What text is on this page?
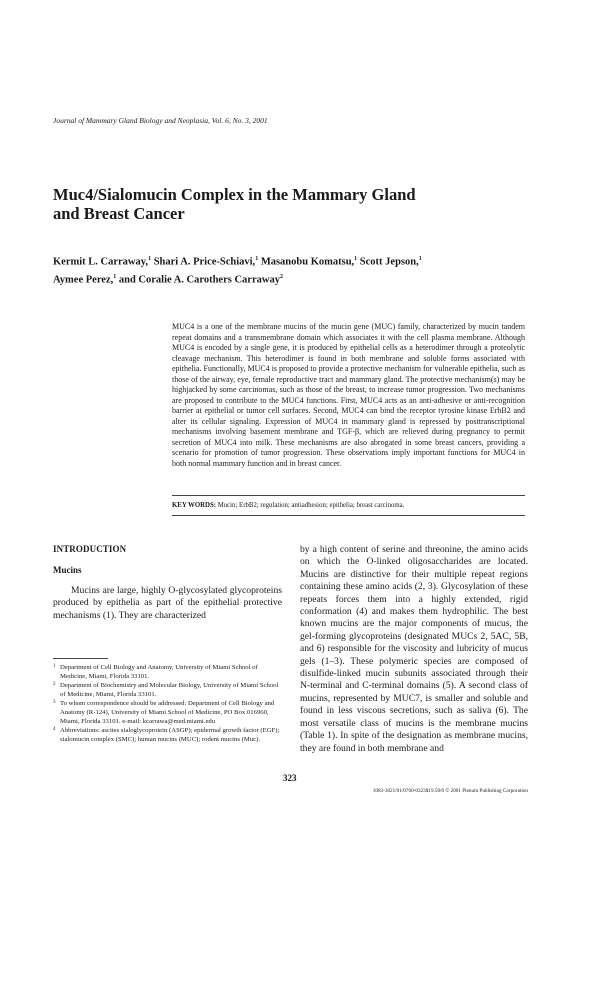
Journal of Mammary Gland Biology and Neoplasia, Vol. 6, No. 3, 2001
Muc4/Sialomucin Complex in the Mammary Gland
and Breast Cancer
Kermit L. Carraway,$^1$ Shari A. Price-Schiavi,$^1$ Masanobu Komatsu,$^1$ Scott Jepson,$^1$
Aymee Perez,$^1$ and Coralie A. Carothers Carraway$^2$
MUC4 is a one of the membrane mucins of the mucin gene (MUC) family, characterized by mucin tandem repeat domains and a transmembrane domain which associates it with the cell plasma membrane. Although MUC4 is encoded by a single gene, it is produced by epithelial cells as a heterodimer through a proteolytic cleavage mechanism. This heterodimer is found in both membrane and soluble forms associated with epithelia. Functionally, MUC4 is proposed to provide a protective mechanism for vulnerable epithelia, such as those of the airway, eye, female reproductive tract and mammary gland. The protective mechanism(s) may be highjacked by some carcinomas, such as those of the breast, to increase tumor progression. Two mechanisms are proposed to contribute to the MUC4 functions. First, MUC4 acts as an anti-adhesive or anti-recognition barrier at epithelial or tumor cell surfaces. Second, MUC4 can bind the receptor tyrosine kinase ErbB2 and alter its cellular signaling. Expression of MUC4 in mammary gland is repressed by posttranscriptional mechanisms involving basement membrane and TGF-β, which are relieved during pregnancy to permit secretion of MUC4 into milk. These mechanisms are also abrogated in some breast cancers, providing a scenario for promotion of tumor progression. These observations imply important functions for MUC4 in both normal mammary function and in breast cancer.
KEY WORDS: Mucin; ErbB2; regulation; antiadhesion; epithelia; breast carcinoma.
INTRODUCTION
Mucins
Mucins are large, highly O-glycosylated glycoproteins produced by epithelia as part of the epithelial protective mechanisms (1). They are characterized
by a high content of serine and threonine, the amino acids on which the O-linked oligosaccharides are located. Mucins are distinctive for their multiple repeat regions containing these amino acids (2, 3). Glycosylation of these repeats forces them into a highly extended, rigid conformation (4) and makes them hydrophilic. The best known mucins are the major components of mucus, the gel-forming glycoproteins (designated MUCs 2, 5AC, 5B, and 6) responsible for the viscosity and lubricity of mucus gels (1–3). These polymeric species are composed of disulfide-linked mucin subunits associated through their N-terminal and C-terminal domains (5). A second class of mucins, represented by MUC7, is smaller and soluble and found in less viscous secretions, such as saliva (6). The most versatile class of mucins is the membrane mucins (Table 1). In spite of the designation as membrane mucins, they are found in both membrane and
1 Department of Cell Biology and Anatomy, University of Miami School of Medicine, Miami, Florida 33101.
2 Department of Biochemistry and Molecular Biology, University of Miami School of Medicine, Miami, Florida 33101.
3 To whom correspondence should be addressed: Department of Cell Biology and Anatomy (R-124), University of Miami School of Medicine, PO Box 016960, Miami, Florida 33101. e-mail: kcarrawa@med.miami.edu
4 Abbreviations: ascites sialoglycoprotein (ASGP); epidermal growth factor (EGF); sialomucin complex (SMC); human mucins (MUC); rodent mucins (Muc).
323
1083-3021/01/0700-0323$19.50/0 © 2001 Plenum Publishing Corporation
